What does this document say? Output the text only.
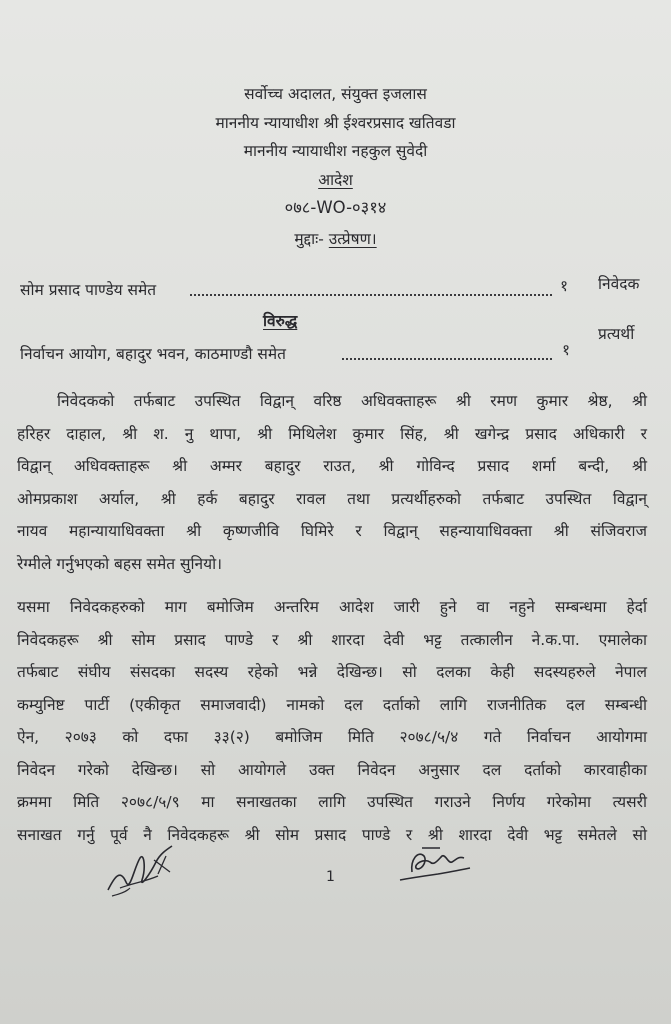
सर्वोच्च अदालत, संयुक्त इजलास
माननीय न्यायाधीश श्री ईश्वरप्रसाद खतिवडा
माननीय न्यायाधीश नहकुल सुवेदी
आदेश
०७८-WO-०३१४
मुद्दाः- उत्प्रेषण।
सोम प्रसाद पाण्डेय समेत	१ निवेदक
विरुद्ध
निर्वाचन आयोग, बहादुर भवन, काठमाण्डौ समेत	१
प्रत्यर्थी
निवेदकको तर्फबाट उपस्थित विद्वान् वरिष्ठ अधिवक्ताहरू श्री रमण कुमार श्रेष्ठ, श्री
हरिहर दाहाल, श्री श. नु थापा, श्री मिथिलेश कुमार सिंह, श्री खगेन्द्र प्रसाद अधिकारी र
विद्वान् अधिवक्ताहरू श्री अम्मर बहादुर राउत, श्री गोविन्द प्रसाद शर्मा बन्दी, श्री
ओमप्रकाश अर्याल, श्री हर्क बहादुर रावल तथा प्रत्यर्थीहरुको तर्फबाट उपस्थित विद्वान्
नायव महान्यायाधिवक्ता श्री कृष्णजीवि घिमिरे र विद्वान् सहन्यायाधिवक्ता श्री संजिवराज
रेग्मीले गर्नुभएको बहस समेत सुनियो।
यसमा निवेदकहरुको माग बमोजिम अन्तरिम आदेश जारी हुने वा नहुने सम्बन्धमा हेर्दा
निवेदकहरू श्री सोम प्रसाद पाण्डे र श्री शारदा देवी भट्ट तत्कालीन ने.क.पा. एमालेका
तर्फबाट संघीय संसदका सदस्य रहेको भन्ने देखिन्छ। सो दलका केही सदस्यहरुले नेपाल
कम्युनिष्ट पार्टी (एकीकृत समाजवादी) नामको दल दर्ताको लागि राजनीतिक दल सम्बन्धी
ऐन, २०७३ को दफा ३३(२) बमोजिम मिति २०७८/५/४ गते निर्वाचन आयोगमा
निवेदन गरेको देखिन्छ। सो आयोगले उक्त निवेदन अनुसार दल दर्ताको कारवाहीका
क्रममा मिति २०७८/५/९ मा सनाखतका लागि उपस्थित गराउने निर्णय गरेकोमा त्यसरी
सनाखत गर्नु पूर्व नै निवेदकहरू श्री सोम प्रसाद पाण्डे र श्री शारदा देवी भट्ट समेतले सो
1
